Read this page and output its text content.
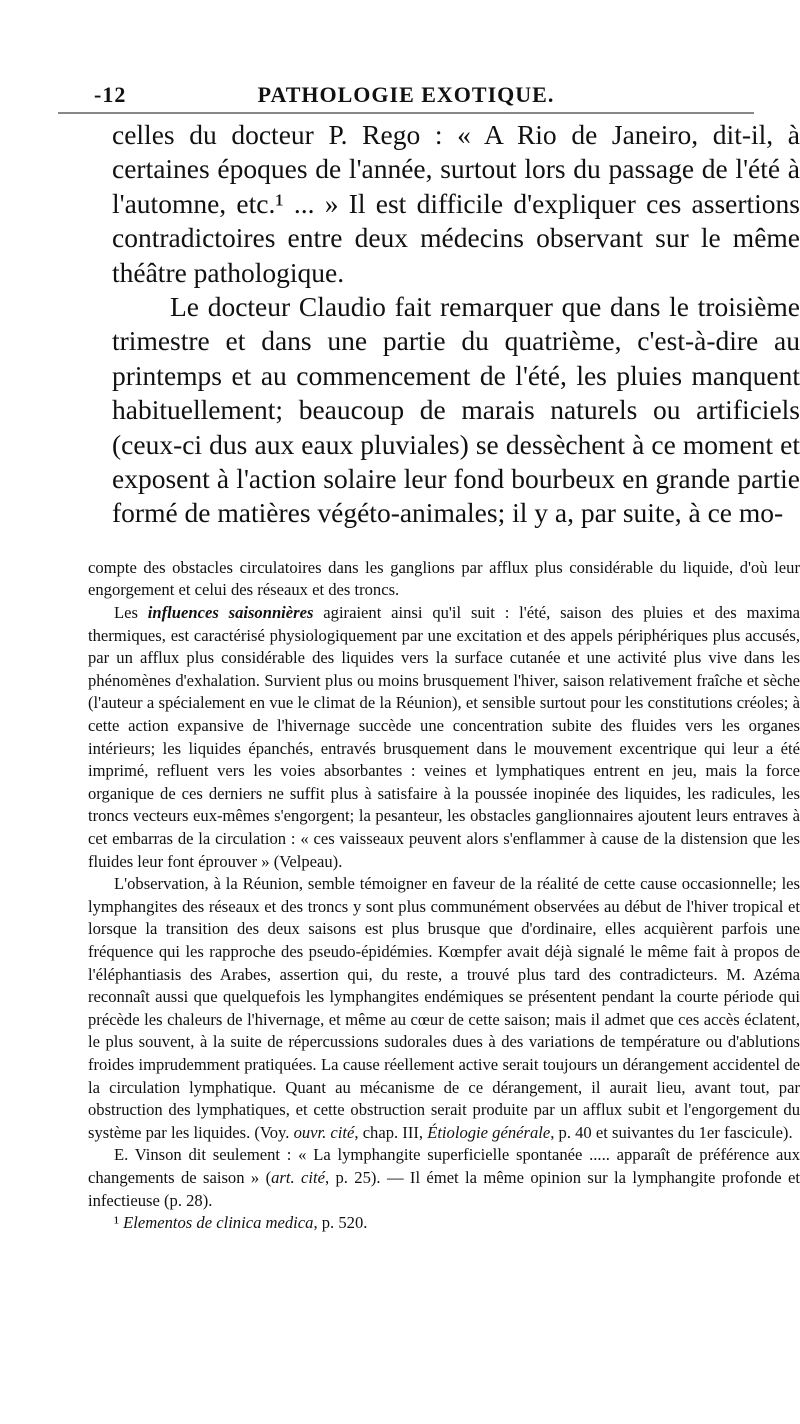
-12	PATHOLOGIE EXOTIQUE.

celles du docteur P. Rego : « A Rio de Janeiro, dit-il, à certaines époques de l'année, surtout lors du passage de l'été à l'automne, etc.¹ ... » Il est difficile d'expliquer ces assertions contradictoires entre deux médecins observant sur le même théâtre pathologique.

Le docteur Claudio fait remarquer que dans le troisième trimestre et dans une partie du quatrième, c'est-à-dire au printemps et au commencement de l'été, les pluies manquent habituellement; beaucoup de marais naturels ou artificiels (ceux-ci dus aux eaux pluviales) se dessèchent à ce moment et exposent à l'action solaire leur fond bourbeux en grande partie formé de matières végéto-animales; il y a, par suite, à ce mo-

compte des obstacles circulatoires dans les ganglions par afflux plus considérable du liquide, d'où leur engorgement et celui des réseaux et des troncs.

Les influences saisonnières agiraient ainsi qu'il suit : l'été, saison des pluies et des maxima thermiques, est caractérisé physiologiquement par une excitation et des appels périphériques plus accusés, par un afflux plus considérable des liquides vers la surface cutanée et une activité plus vive dans les phénomènes d'exhalation. Survient plus ou moins brusquement l'hiver, saison relativement fraîche et sèche (l'auteur a spécialement en vue le climat de la Réunion), et sensible surtout pour les constitutions créoles; à cette action expansive de l'hivernage succède une concentration subite des fluides vers les organes intérieurs; les liquides épanchés, entravés brusquement dans le mouvement excentrique qui leur a été imprimé, refluent vers les voies absorbantes : veines et lymphatiques entrent en jeu, mais la force organique de ces derniers ne suffit plus à satisfaire à la poussée inopinée des liquides, les radicules, les troncs vecteurs eux-mêmes s'engorgent; la pesanteur, les obstacles ganglionnaires ajoutent leurs entraves à cet embarras de la circulation : « ces vaisseaux peuvent alors s'enflammer à cause de la distension que les fluides leur font éprouver » (Velpeau).

L'observation, à la Réunion, semble témoigner en faveur de la réalité de cette cause occasionnelle; les lymphangites des réseaux et des troncs y sont plus communément observées au début de l'hiver tropical et lorsque la transition des deux saisons est plus brusque que d'ordinaire, elles acquièrent parfois une fréquence qui les rapproche des pseudo-épidémies. Kœmpfer avait déjà signalé le même fait à propos de l'éléphantiasis des Arabes, assertion qui, du reste, a trouvé plus tard des contradicteurs. M. Azéma reconnaît aussi que quelquefois les lymphangites endémiques se présentent pendant la courte période qui précède les chaleurs de l'hivernage, et même au cœur de cette saison; mais il admet que ces accès éclatent, le plus souvent, à la suite de répercussions sudorales dues à des variations de température ou d'ablutions froides imprudemment pratiquées. La cause réellement active serait toujours un dérangement accidentel de la circulation lymphatique. Quant au mécanisme de ce dérangement, il aurait lieu, avant tout, par obstruction des lymphatiques, et cette obstruction serait produite par un afflux subit et l'engorgement du système par les liquides. (Voy. ouvr. cité, chap. III, Étiologie générale, p. 40 et suivantes du 1er fascicule).

E. Vinson dit seulement : « La lymphangite superficielle spontanée ..... apparaît de préférence aux changements de saison » (art. cité, p. 25). — Il émet la même opinion sur la lymphangite profonde et infectieuse (p. 28).

¹ Elementos de clinica medica, p. 520.
